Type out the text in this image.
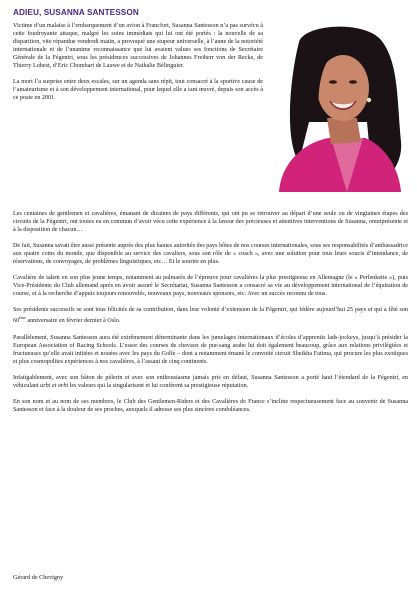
ADIEU, SUSANNA SANTESSON

Victime d’un malaise à l’embarquement d’un avion à Francfort, Susanna Santesson n’a pas survécu à cette foudroyante attaque, malgré les soins immédiats qui lui ont été portés : la nouvelle de sa disparition, vite répandue vendredi matin, a provoqué une stupeur universelle, à l’aune de la notoriété internationale et de l’unanime reconnaissance que lui avaient values ses fonctions de Secrétaire Générale de la Fégentri, sous les présidences successives de Johannes Freiherr von der Recke, de Thierry Lohest, d’Eric Chombart de Lauwe et de Nathalie Bélinguier.

La mort l’a surprise entre deux escales, sur un agenda sans répit, tout consacré à la sportive cause de l’amateurisme et à son développement international, pour lequel elle a tant œuvré, depuis son accès à ce poste en 2001.

Les centaines de gentlemen et cavalières, émanant de dizaines de pays différents, qui ont pu se retrouver au départ d’une seule ou de vingtaines étapes des circuits de la Fégentri, ont toutes eu en commun d’avoir vécu cette expérience à la faveur des précieuses et attentives interventions de Susanna, omniprésente et à la disposition de chacun…

De fait, Susanna savait être aussi présente auprès des plus hautes autorités des pays hôtes de nos courses internationales, sous ses responsabilités d’ambassadrice aux quatre coins du monde, que disponible au service des cavaliers, sous son rôle de « coach », avec une solution pour tous leurs soucis d’intendance, de réservations, de convoyages, de problèmes linguistiques, etc… Et le sourire en plus.

Cavalière de talent en son plus jeune temps, notamment au palmarès de l’épreuve pour cavalières la plus prestigieuse en Allemagne (le « Perlenkette »), puis Vice-Présidente du Club allemand après en avoir assuré le Secrétariat, Susanna Santesson a consacré sa vie au développement international de l’équitation de course, et à la recherche d’appuis toujours renouvelés, nouveaux pays, nouveaux sponsors, etc. Avec un succès reconnu de tous.

Ses présidents successifs se sont tous félicités de sa contribution, dans leur volonté d’extension de la Fégentri, qui fédère aujourd’hui 25 pays et qui a fêté son 60ème anniversaire en février dernier à Oslo.

Parallèlement, Susanna Santesson aura été extrêmement déterminante dans les jumelages internationaux d’écoles d’apprentis lads-jockeys, jusqu’à présider la European Association of Racing Schools. L’essor des courses de chevaux de pur-sang arabe lui doit également beaucoup, grâce aux relations privilégiées et fructueuses qu’elle avait initiées et nouées avec les pays du Golfe – dont a notamment émané le convoité circuit Sheikha Fatima, qui procure les plus exotiques et plus cosmopolites expériences à nos cavalières, à l’assaut de cinq continents.

Infatigablement, avec son bâton de pèlerin et avec son enthousiasme jamais pris en défaut, Susanna Santesson a porté haut l’étendard de la Fégentri, en véhiculant urbi et orbi les valeurs qui la singularisent et lui confèrent sa prestigieuse réputation.

En son nom et au nom de ses membres, le Club des Gentlemen-Riders et des Cavalières de France s’incline respectueusement face au souvenir de Susanna Santesson et face à la douleur de ses proches, auxquels il adresse ses plus sincères condoléances.

Gérard de Chevigny
